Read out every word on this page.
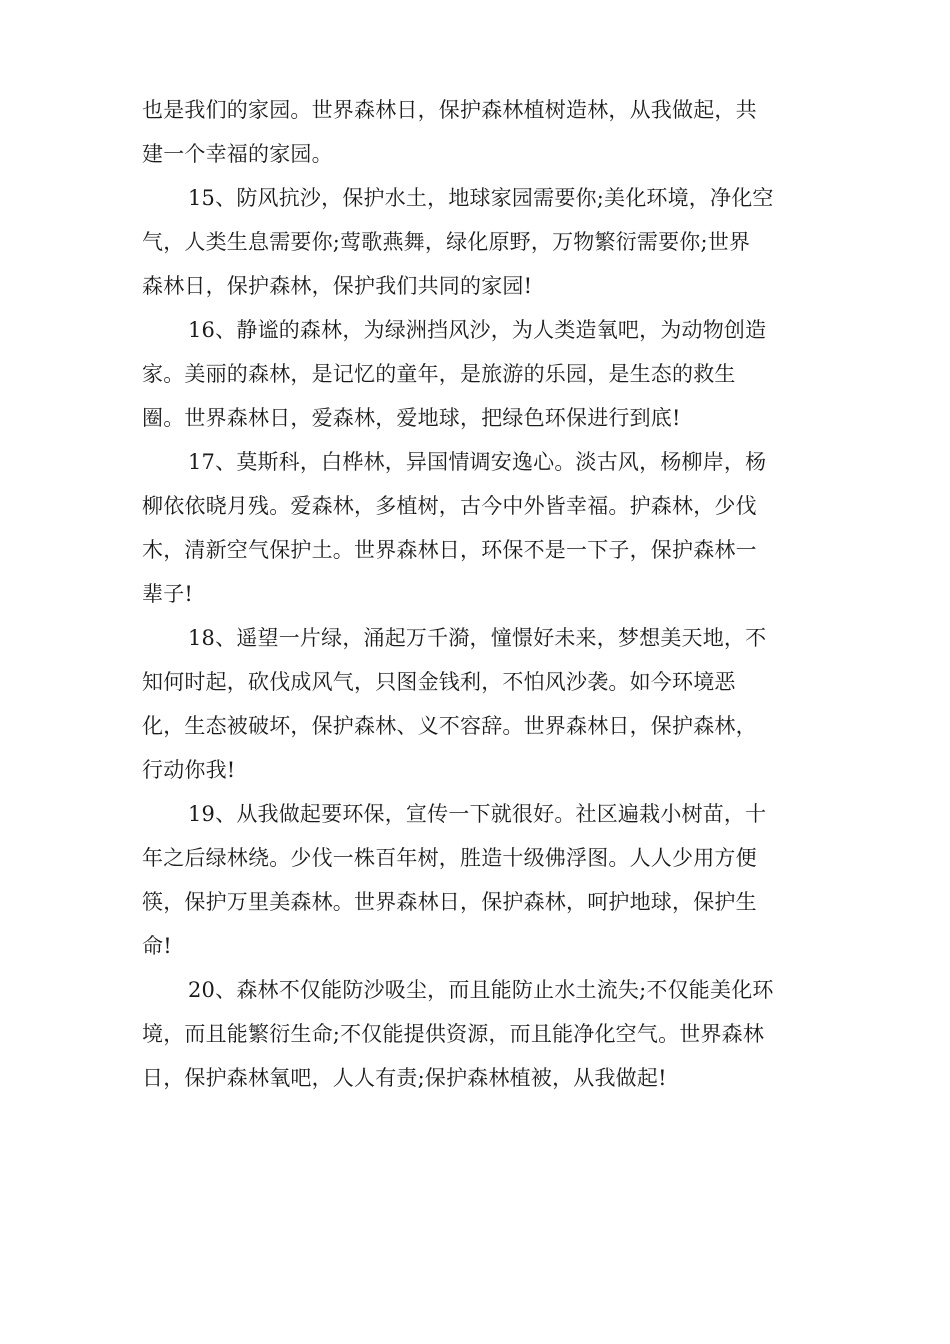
也是我们的家园。世界森林日，保护森林植树造林，从我做起，共
建一个幸福的家园。
15、防风抗沙，保护水土，地球家园需要你;美化环境，净化空
气，人类生息需要你;莺歌燕舞，绿化原野，万物繁衍需要你;世界
森林日，保护森林，保护我们共同的家园!
16、静谧的森林，为绿洲挡风沙，为人类造氧吧，为动物创造
家。美丽的森林，是记忆的童年，是旅游的乐园，是生态的救生
圈。世界森林日，爱森林，爱地球，把绿色环保进行到底!
17、莫斯科，白桦林，异国情调安逸心。淡古风，杨柳岸，杨
柳依依晓月残。爱森林，多植树，古今中外皆幸福。护森林，少伐
木，清新空气保护土。世界森林日，环保不是一下子，保护森林一
辈子!
18、遥望一片绿，涌起万千漪，憧憬好未来，梦想美天地，不
知何时起，砍伐成风气，只图金钱利，不怕风沙袭。如今环境恶
化，生态被破坏，保护森林、义不容辞。世界森林日，保护森林，
行动你我!
19、从我做起要环保，宣传一下就很好。社区遍栽小树苗，十
年之后绿林绕。少伐一株百年树，胜造十级佛浮图。人人少用方便
筷，保护万里美森林。世界森林日，保护森林，呵护地球，保护生
命!
20、森林不仅能防沙吸尘，而且能防止水土流失;不仅能美化环
境，而且能繁衍生命;不仅能提供资源，而且能净化空气。世界森林
日，保护森林氧吧，人人有责;保护森林植被，从我做起!
